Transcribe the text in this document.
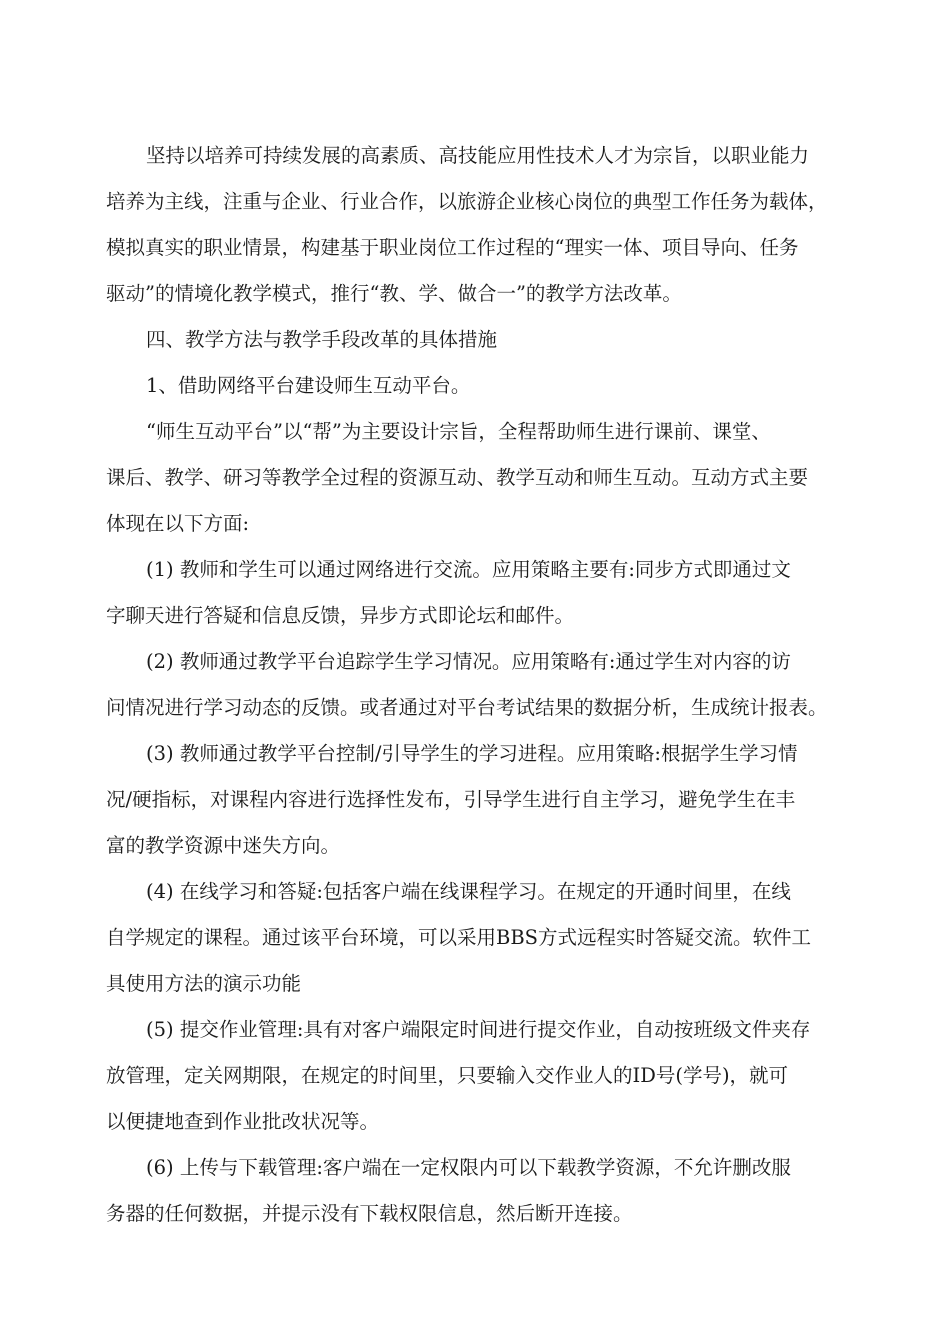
坚持以培养可持续发展的高素质、高技能应用性技术人才为宗旨，以职业能力
培养为主线，注重与企业、行业合作，以旅游企业核心岗位的典型工作任务为载体，
模拟真实的职业情景，构建基于职业岗位工作过程的“理实一体、项目导向、任务
驱动”的情境化教学模式，推行“教、学、做合一”的教学方法改革。
四、教学方法与教学手段改革的具体措施
1、借助网络平台建设师生互动平台。
“师生互动平台”以“帮”为主要设计宗旨，全程帮助师生进行课前、课堂、
课后、教学、研习等教学全过程的资源互动、教学互动和师生互动。互动方式主要
体现在以下方面:
(1) 教师和学生可以通过网络进行交流。应用策略主要有:同步方式即通过文
字聊天进行答疑和信息反馈，异步方式即论坛和邮件。
(2) 教师通过教学平台追踪学生学习情况。应用策略有:通过学生对内容的访
问情况进行学习动态的反馈。或者通过对平台考试结果的数据分析，生成统计报表。
(3) 教师通过教学平台控制/引导学生的学习进程。应用策略:根据学生学习情
况/硬指标，对课程内容进行选择性发布，引导学生进行自主学习，避免学生在丰
富的教学资源中迷失方向。
(4) 在线学习和答疑:包括客户端在线课程学习。在规定的开通时间里，在线
自学规定的课程。通过该平台环境，可以采用BBS方式远程实时答疑交流。软件工
具使用方法的演示功能
(5) 提交作业管理:具有对客户端限定时间进行提交作业，自动按班级文件夹存
放管理，定关网期限，在规定的时间里，只要输入交作业人的ID号(学号)，就可
以便捷地查到作业批改状况等。
(6) 上传与下载管理:客户端在一定权限内可以下载教学资源，不允许删改服
务器的任何数据，并提示没有下载权限信息，然后断开连接。
